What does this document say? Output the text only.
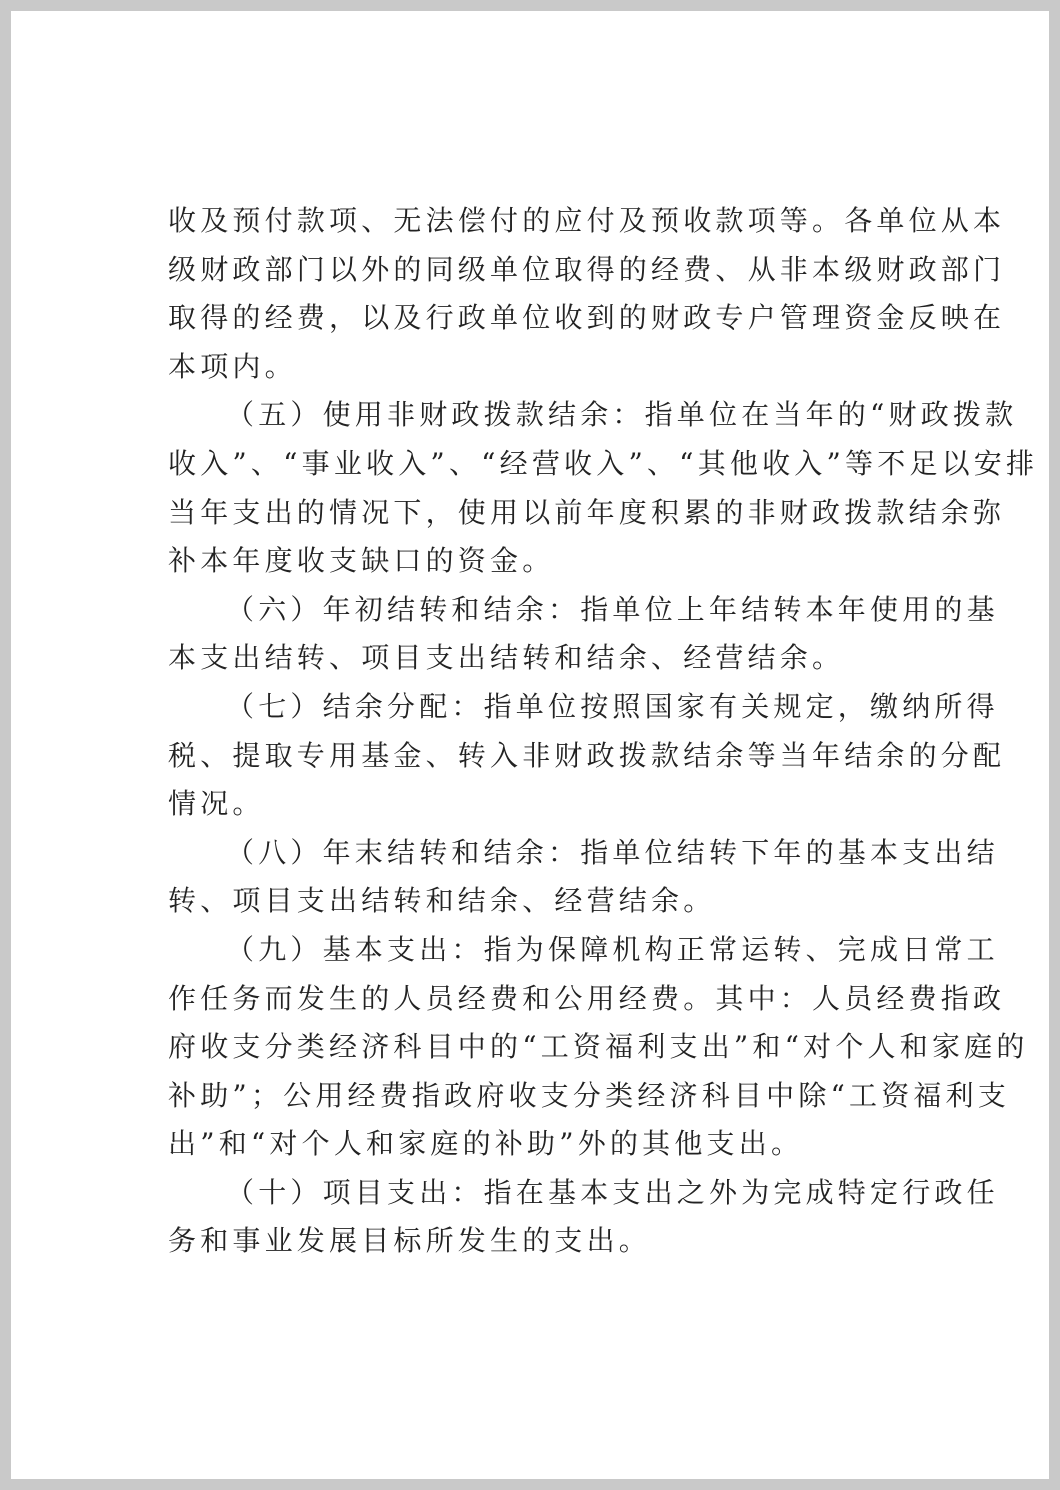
收及预付款项、无法偿付的应付及预收款项等。各单位从本
级财政部门以外的同级单位取得的经费、从非本级财政部门
取得的经费，以及行政单位收到的财政专户管理资金反映在
本项内。
（五）使用非财政拨款结余：指单位在当年的“财政拨款
收入”、“事业收入”、“经营收入”、“其他收入”等不足以安排
当年支出的情况下，使用以前年度积累的非财政拨款结余弥
补本年度收支缺口的资金。
（六）年初结转和结余：指单位上年结转本年使用的基
本支出结转、项目支出结转和结余、经营结余。
（七）结余分配：指单位按照国家有关规定，缴纳所得
税、提取专用基金、转入非财政拨款结余等当年结余的分配
情况。
（八）年末结转和结余：指单位结转下年的基本支出结
转、项目支出结转和结余、经营结余。
（九）基本支出：指为保障机构正常运转、完成日常工
作任务而发生的人员经费和公用经费。其中：人员经费指政
府收支分类经济科目中的“工资福利支出”和“对个人和家庭的
补助”；公用经费指政府收支分类经济科目中除“工资福利支
出”和“对个人和家庭的补助”外的其他支出。
（十）项目支出：指在基本支出之外为完成特定行政任
务和事业发展目标所发生的支出。
